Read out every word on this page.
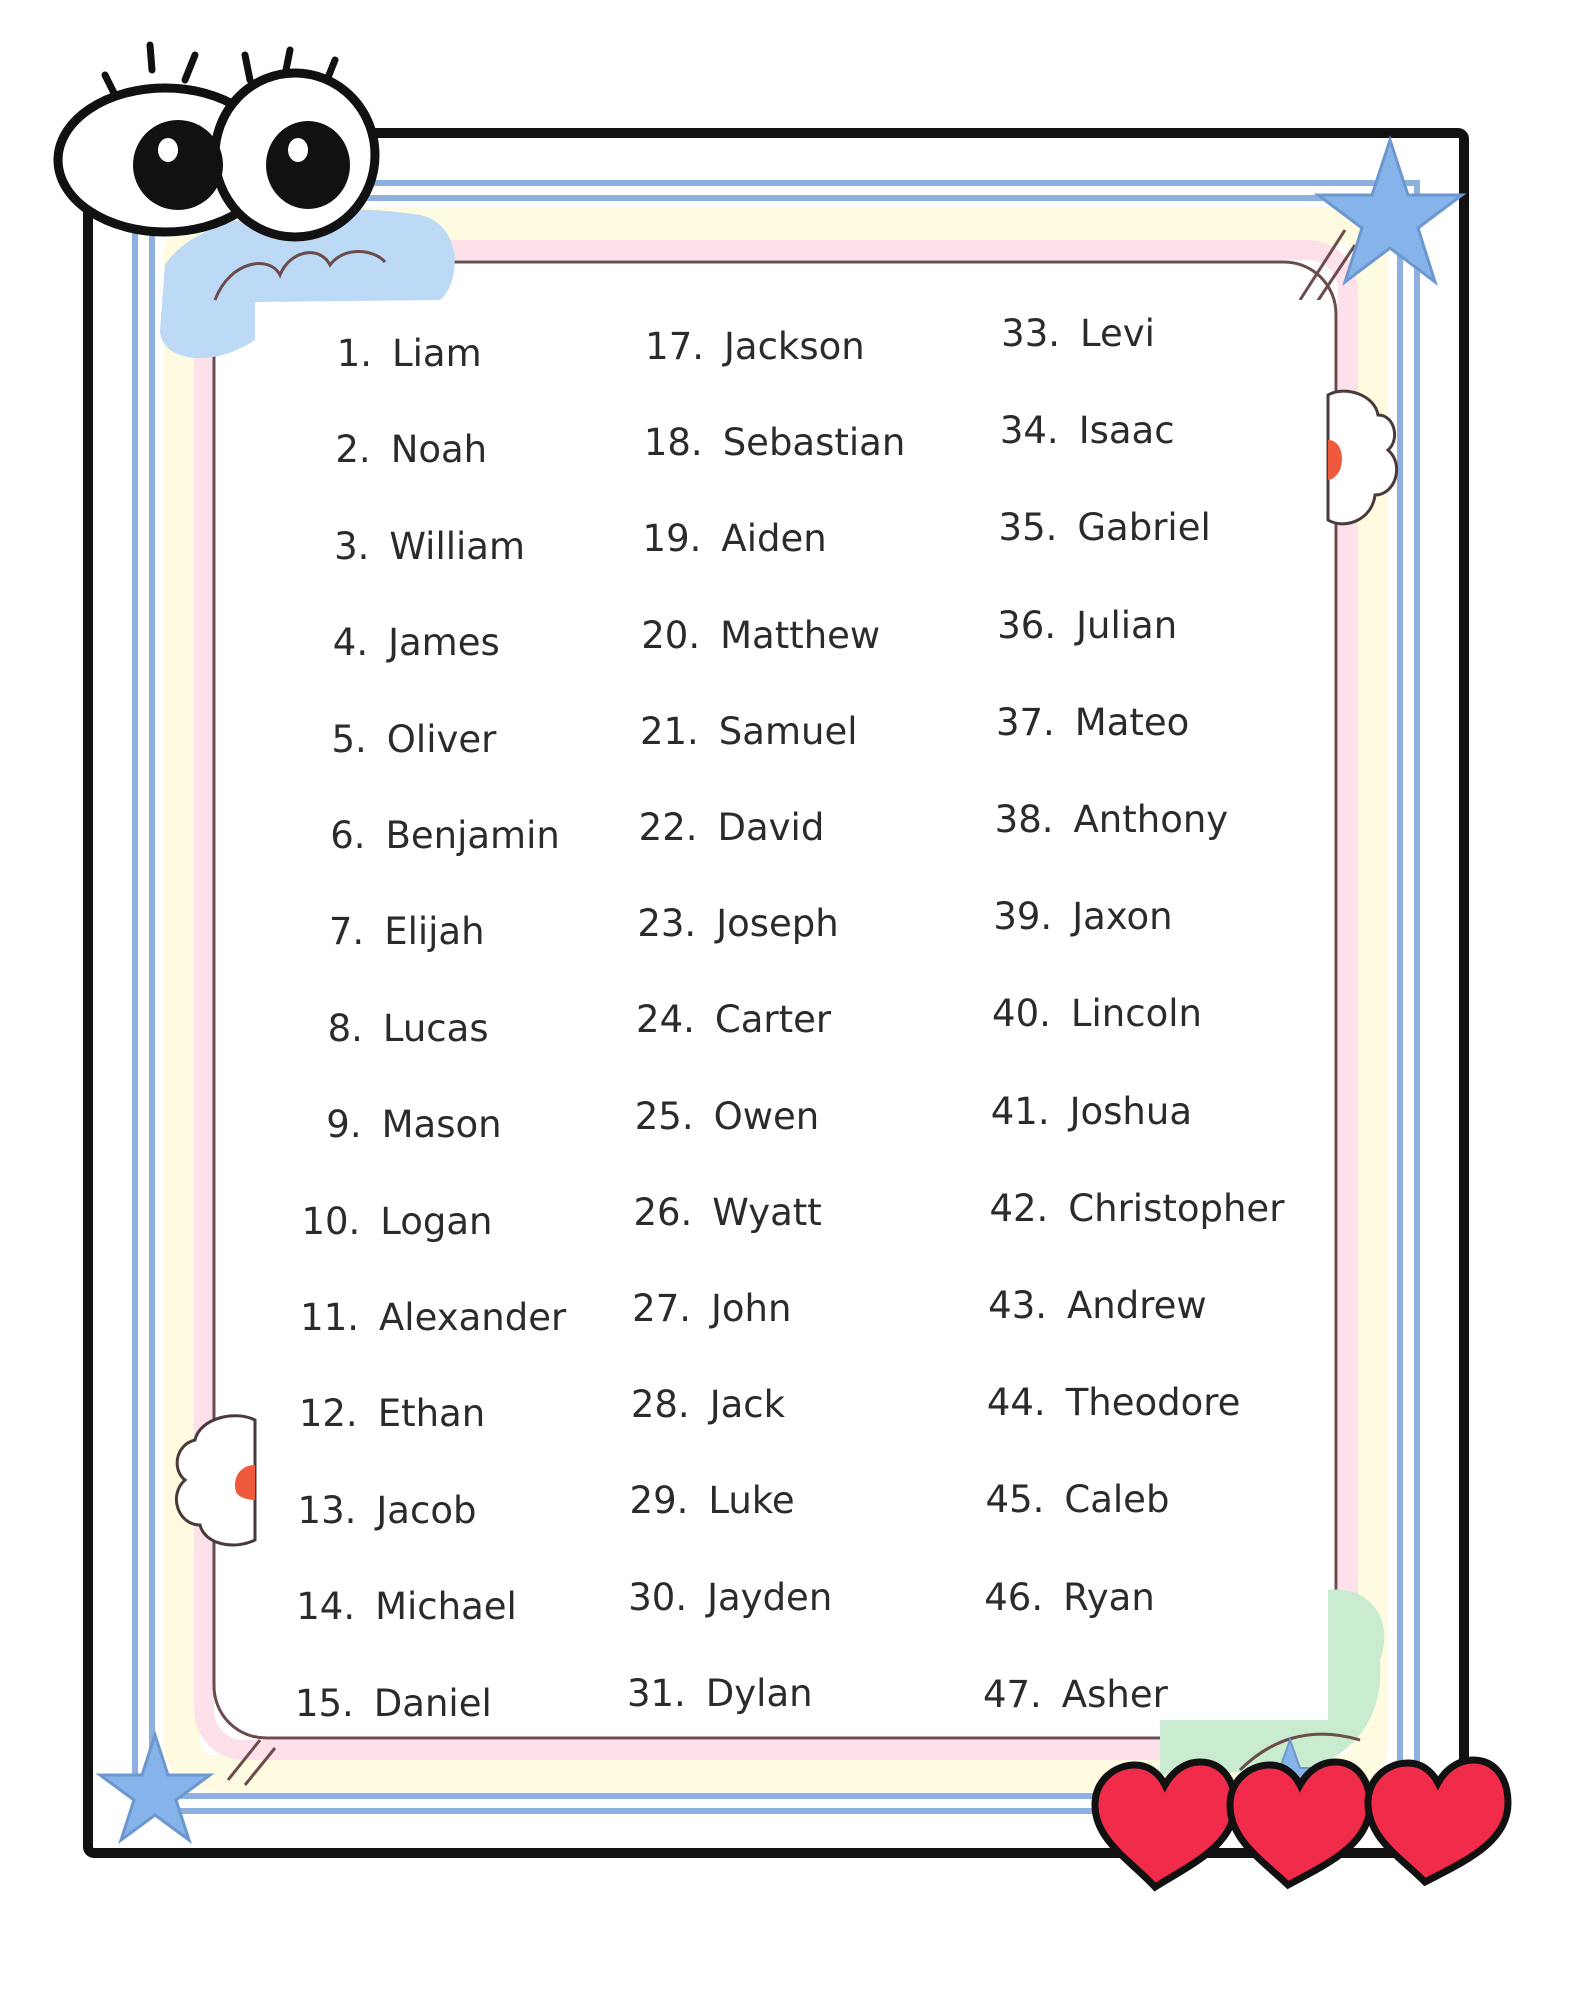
1. Liam
2. Noah
3. William
4. James
5. Oliver
6. Benjamin
7. Elijah
8. Lucas
9. Mason
10. Logan
11. Alexander
12. Ethan
13. Jacob
14. Michael
15. Daniel
17. Jackson
18. Sebastian
19. Aiden
20. Matthew
21. Samuel
22. David
23. Joseph
24. Carter
25. Owen
26. Wyatt
27. John
28. Jack
29. Luke
30. Jayden
31. Dylan
33. Levi
34. Isaac
35. Gabriel
36. Julian
37. Mateo
38. Anthony
39. Jaxon
40. Lincoln
41. Joshua
42. Christopher
43. Andrew
44. Theodore
45. Caleb
46. Ryan
47. Asher
